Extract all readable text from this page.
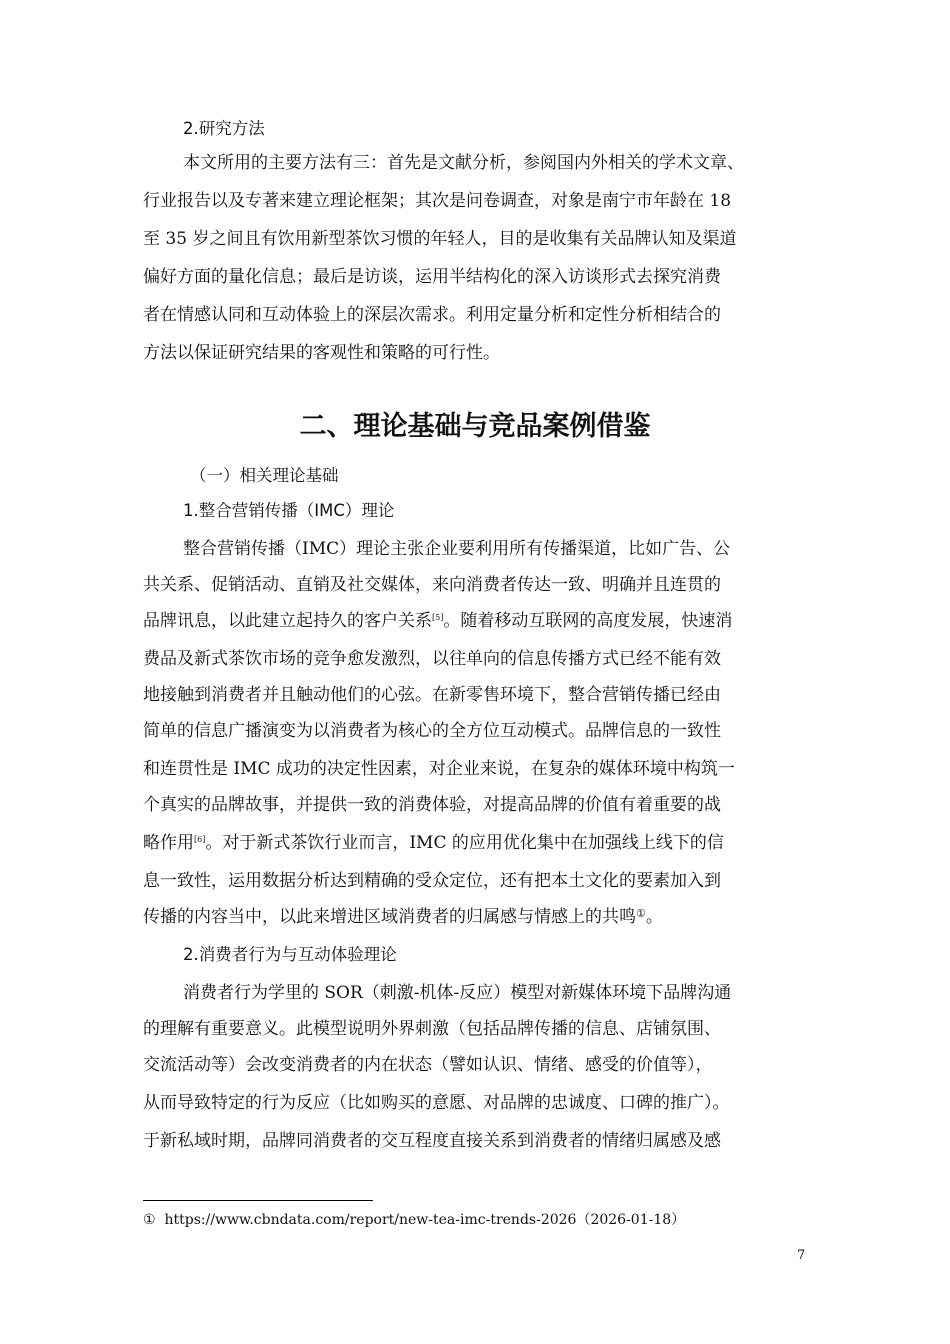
2.研究方法
本文所用的主要方法有三：首先是文献分析，参阅国内外相关的学术文章、
行业报告以及专著来建立理论框架；其次是问卷调查，对象是南宁市年龄在 18
至 35 岁之间且有饮用新型茶饮习惯的年轻人，目的是收集有关品牌认知及渠道
偏好方面的量化信息；最后是访谈，运用半结构化的深入访谈形式去探究消费
者在情感认同和互动体验上的深层次需求。利用定量分析和定性分析相结合的
方法以保证研究结果的客观性和策略的可行性。
二、理论基础与竞品案例借鉴
（一）相关理论基础
1.整合营销传播（IMC）理论
整合营销传播（IMC）理论主张企业要利用所有传播渠道，比如广告、公
共关系、促销活动、直销及社交媒体，来向消费者传达一致、明确并且连贯的
品牌讯息，以此建立起持久的客户关系[5]。随着移动互联网的高度发展，快速消
费品及新式茶饮市场的竞争愈发激烈，以往单向的信息传播方式已经不能有效
地接触到消费者并且触动他们的心弦。在新零售环境下，整合营销传播已经由
简单的信息广播演变为以消费者为核心的全方位互动模式。品牌信息的一致性
和连贯性是 IMC 成功的决定性因素，对企业来说，在复杂的媒体环境中构筑一
个真实的品牌故事，并提供一致的消费体验，对提高品牌的价值有着重要的战
略作用[6]。对于新式茶饮行业而言，IMC 的应用优化集中在加强线上线下的信
息一致性，运用数据分析达到精确的受众定位，还有把本土文化的要素加入到
传播的内容当中，以此来增进区域消费者的归属感与情感上的共鸣①。
2.消费者行为与互动体验理论
消费者行为学里的 SOR（刺激-机体-反应）模型对新媒体环境下品牌沟通
的理解有重要意义。此模型说明外界刺激（包括品牌传播的信息、店铺氛围、
交流活动等）会改变消费者的内在状态（譬如认识、情绪、感受的价值等），
从而导致特定的行为反应（比如购买的意愿、对品牌的忠诚度、口碑的推广）。
于新私域时期，品牌同消费者的交互程度直接关系到消费者的情绪归属感及感
① https://www.cbndata.com/report/new-tea-imc-trends-2026（2026-01-18）
7
